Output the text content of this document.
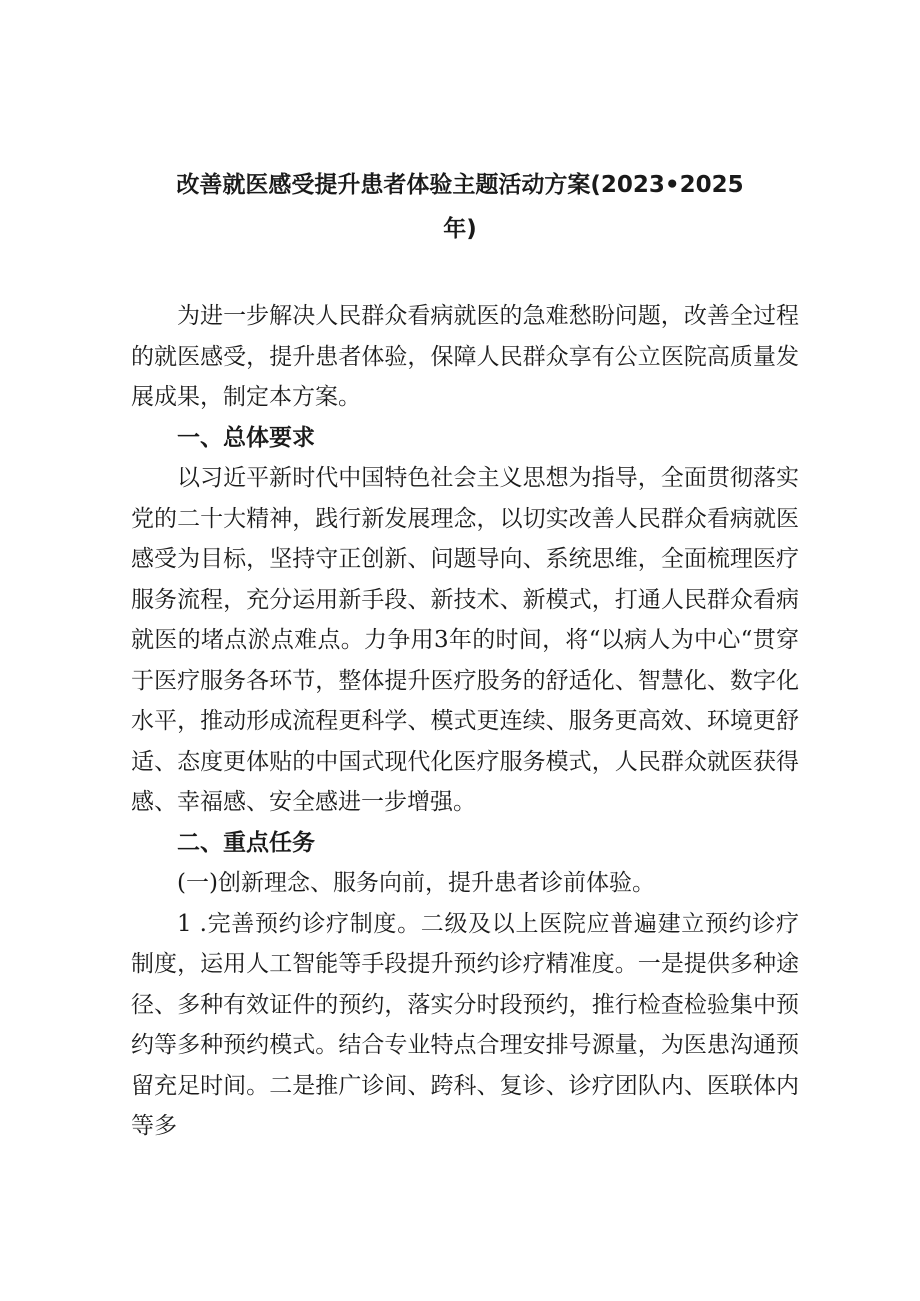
改善就医感受提升患者体验主题活动方案(2023•2025
年)

为进一步解决人民群众看病就医的急难愁盼问题，改善全过程的就医感受，提升患者体验，保障人民群众享有公立医院高质量发展成果，制定本方案。

一、总体要求

以习近平新时代中国特色社会主义思想为指导，全面贯彻落实党的二十大精神，践行新发展理念，以切实改善人民群众看病就医感受为目标，坚持守正创新、问题导向、系统思维，全面梳理医疗服务流程，充分运用新手段、新技术、新模式，打通人民群众看病就医的堵点淤点难点。力争用3年的时间，将“以病人为中心“贯穿于医疗服务各环节，整体提升医疗股务的舒适化、智慧化、数字化水平，推动形成流程更科学、模式更连续、服务更高效、环境更舒适、态度更体贴的中国式现代化医疗服务模式，人民群众就医获得感、幸福感、安全感进一步增强。

二、重点任务

(一)创新理念、服务向前，提升患者诊前体验。

1 .完善预约诊疗制度。二级及以上医院应普遍建立预约诊疗制度，运用人工智能等手段提升预约诊疗精准度。一是提供多种途径、多种有效证件的预约，落实分时段预约，推行检查检验集中预约等多种预约模式。结合专业特点合理安排号源量，为医患沟通预留充足时间。二是推广诊间、跨科、复诊、诊疗团队内、医联体内等多
